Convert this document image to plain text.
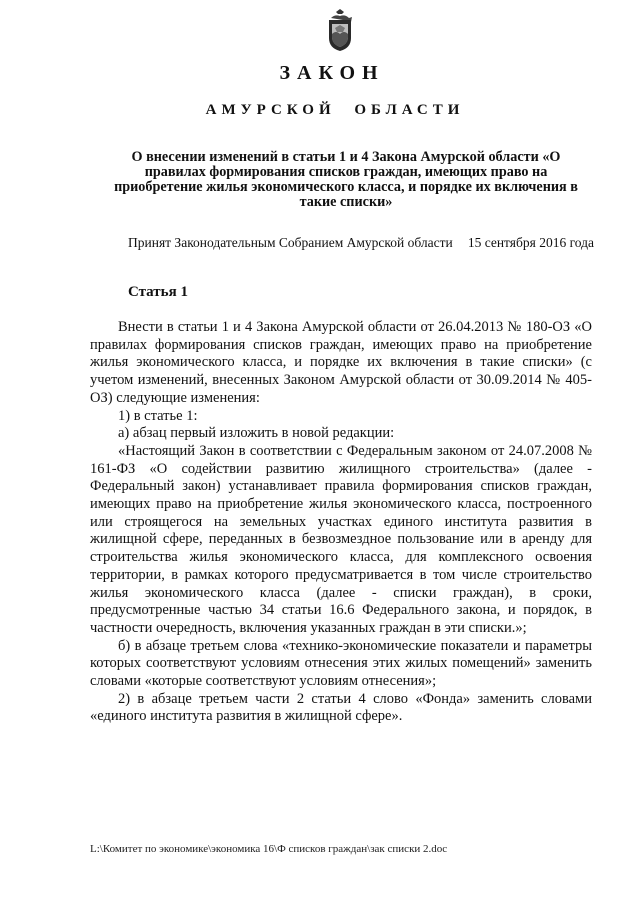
ЗАКОН
АМУРСКОЙ ОБЛАСТИ
О внесении изменений в статьи 1 и 4 Закона Амурской области «О правилах формирования списков граждан, имеющих право на приобретение жилья экономического класса, и порядке их включения в такие списки»
Принят Законодательным Собранием Амурской области 15 сентября 2016 года
Статья 1

Внести в статьи 1 и 4 Закона Амурской области от 26.04.2013 № 180-ОЗ «О правилах формирования списков граждан, имеющих право на приобретение жилья экономического класса, и порядке их включения в такие списки» (с учетом изменений, внесенных Законом Амурской области от 30.09.2014 № 405-ОЗ) следующие изменения:

1) в статье 1:

а) абзац первый изложить в новой редакции:

«Настоящий Закон в соответствии с Федеральным законом от 24.07.2008 № 161-ФЗ «О содействии развитию жилищного строительства» (далее - Федеральный закон) устанавливает правила формирования списков граждан, имеющих право на приобретение жилья экономического класса, построенного или строящегося на земельных участках единого института развития в жилищной сфере, переданных в безвозмездное пользование или в аренду для строительства жилья экономического класса, для комплексного освоения территории, в рамках которого предусматривается в том числе строительство жилья экономического класса (далее - списки граждан), в сроки, предусмотренные частью 34 статьи 16.6 Федерального закона, и порядок, в частности очередность, включения указанных граждан в эти списки.»;

б) в абзаце третьем слова «технико-экономические показатели и параметры которых соответствуют условиям отнесения этих жилых помещений» заменить словами «которые соответствуют условиям отнесения»;

2) в абзаце третьем части 2 статьи 4 слово «Фонда» заменить словами «единого института развития в жилищной сфере».

L:\Комитет по экономике\экономика 16\Ф списков граждан\зак списки 2.doc
